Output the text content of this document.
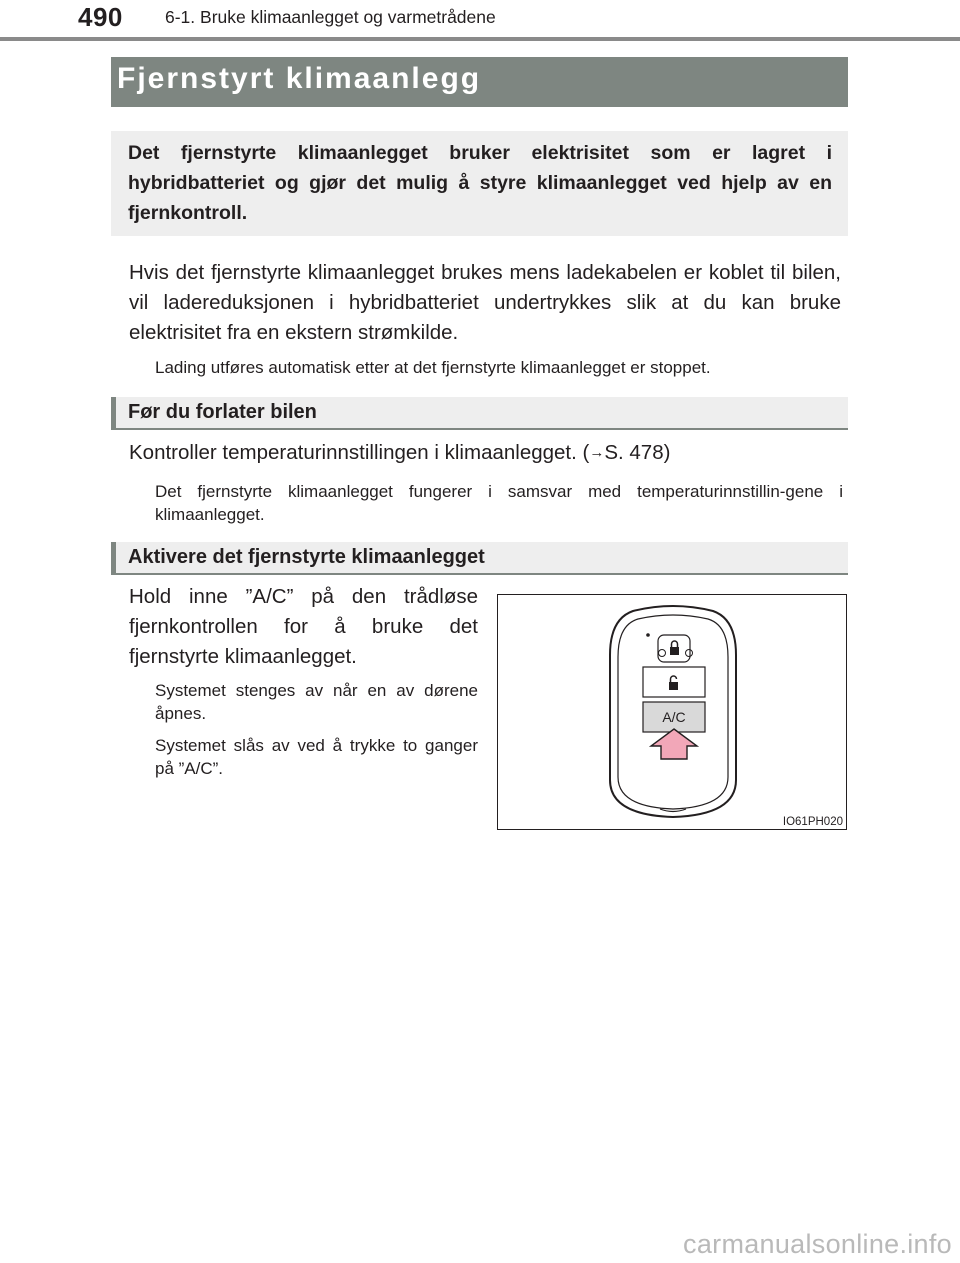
490 6-1. Bruke klimaanlegget og varmetrådene
Fjernstyrt klimaanlegg

Det fjernstyrte klimaanlegget bruker elektrisitet som er lagret i hybridbatteriet og gjør det mulig å styre klimaanlegget ved hjelp av en fjernkontroll.

Hvis det fjernstyrte klimaanlegget brukes mens ladekabelen er koblet til bilen, vil ladereduksjonen i hybridbatteriet undertrykkes slik at du kan bruke elektrisitet fra en ekstern strømkilde.

Lading utføres automatisk etter at det fjernstyrte klimaanlegget er stoppet.

Før du forlater bilen

Kontroller temperaturinnstillingen i klimaanlegget. (→S. 478)

Det fjernstyrte klimaanlegget fungerer i samsvar med temperaturinnstillin-gene i klimaanlegget.

Aktivere det fjernstyrte klimaanlegget

Hold inne ”A/C” på den trådløse fjernkontrollen for å bruke det fjernstyrte klimaanlegget.

Systemet stenges av når en av dørene åpnes.

Systemet slås av ved å trykke to ganger på ”A/C”.

A/C
IO61PH020
carmanualsonline.info
